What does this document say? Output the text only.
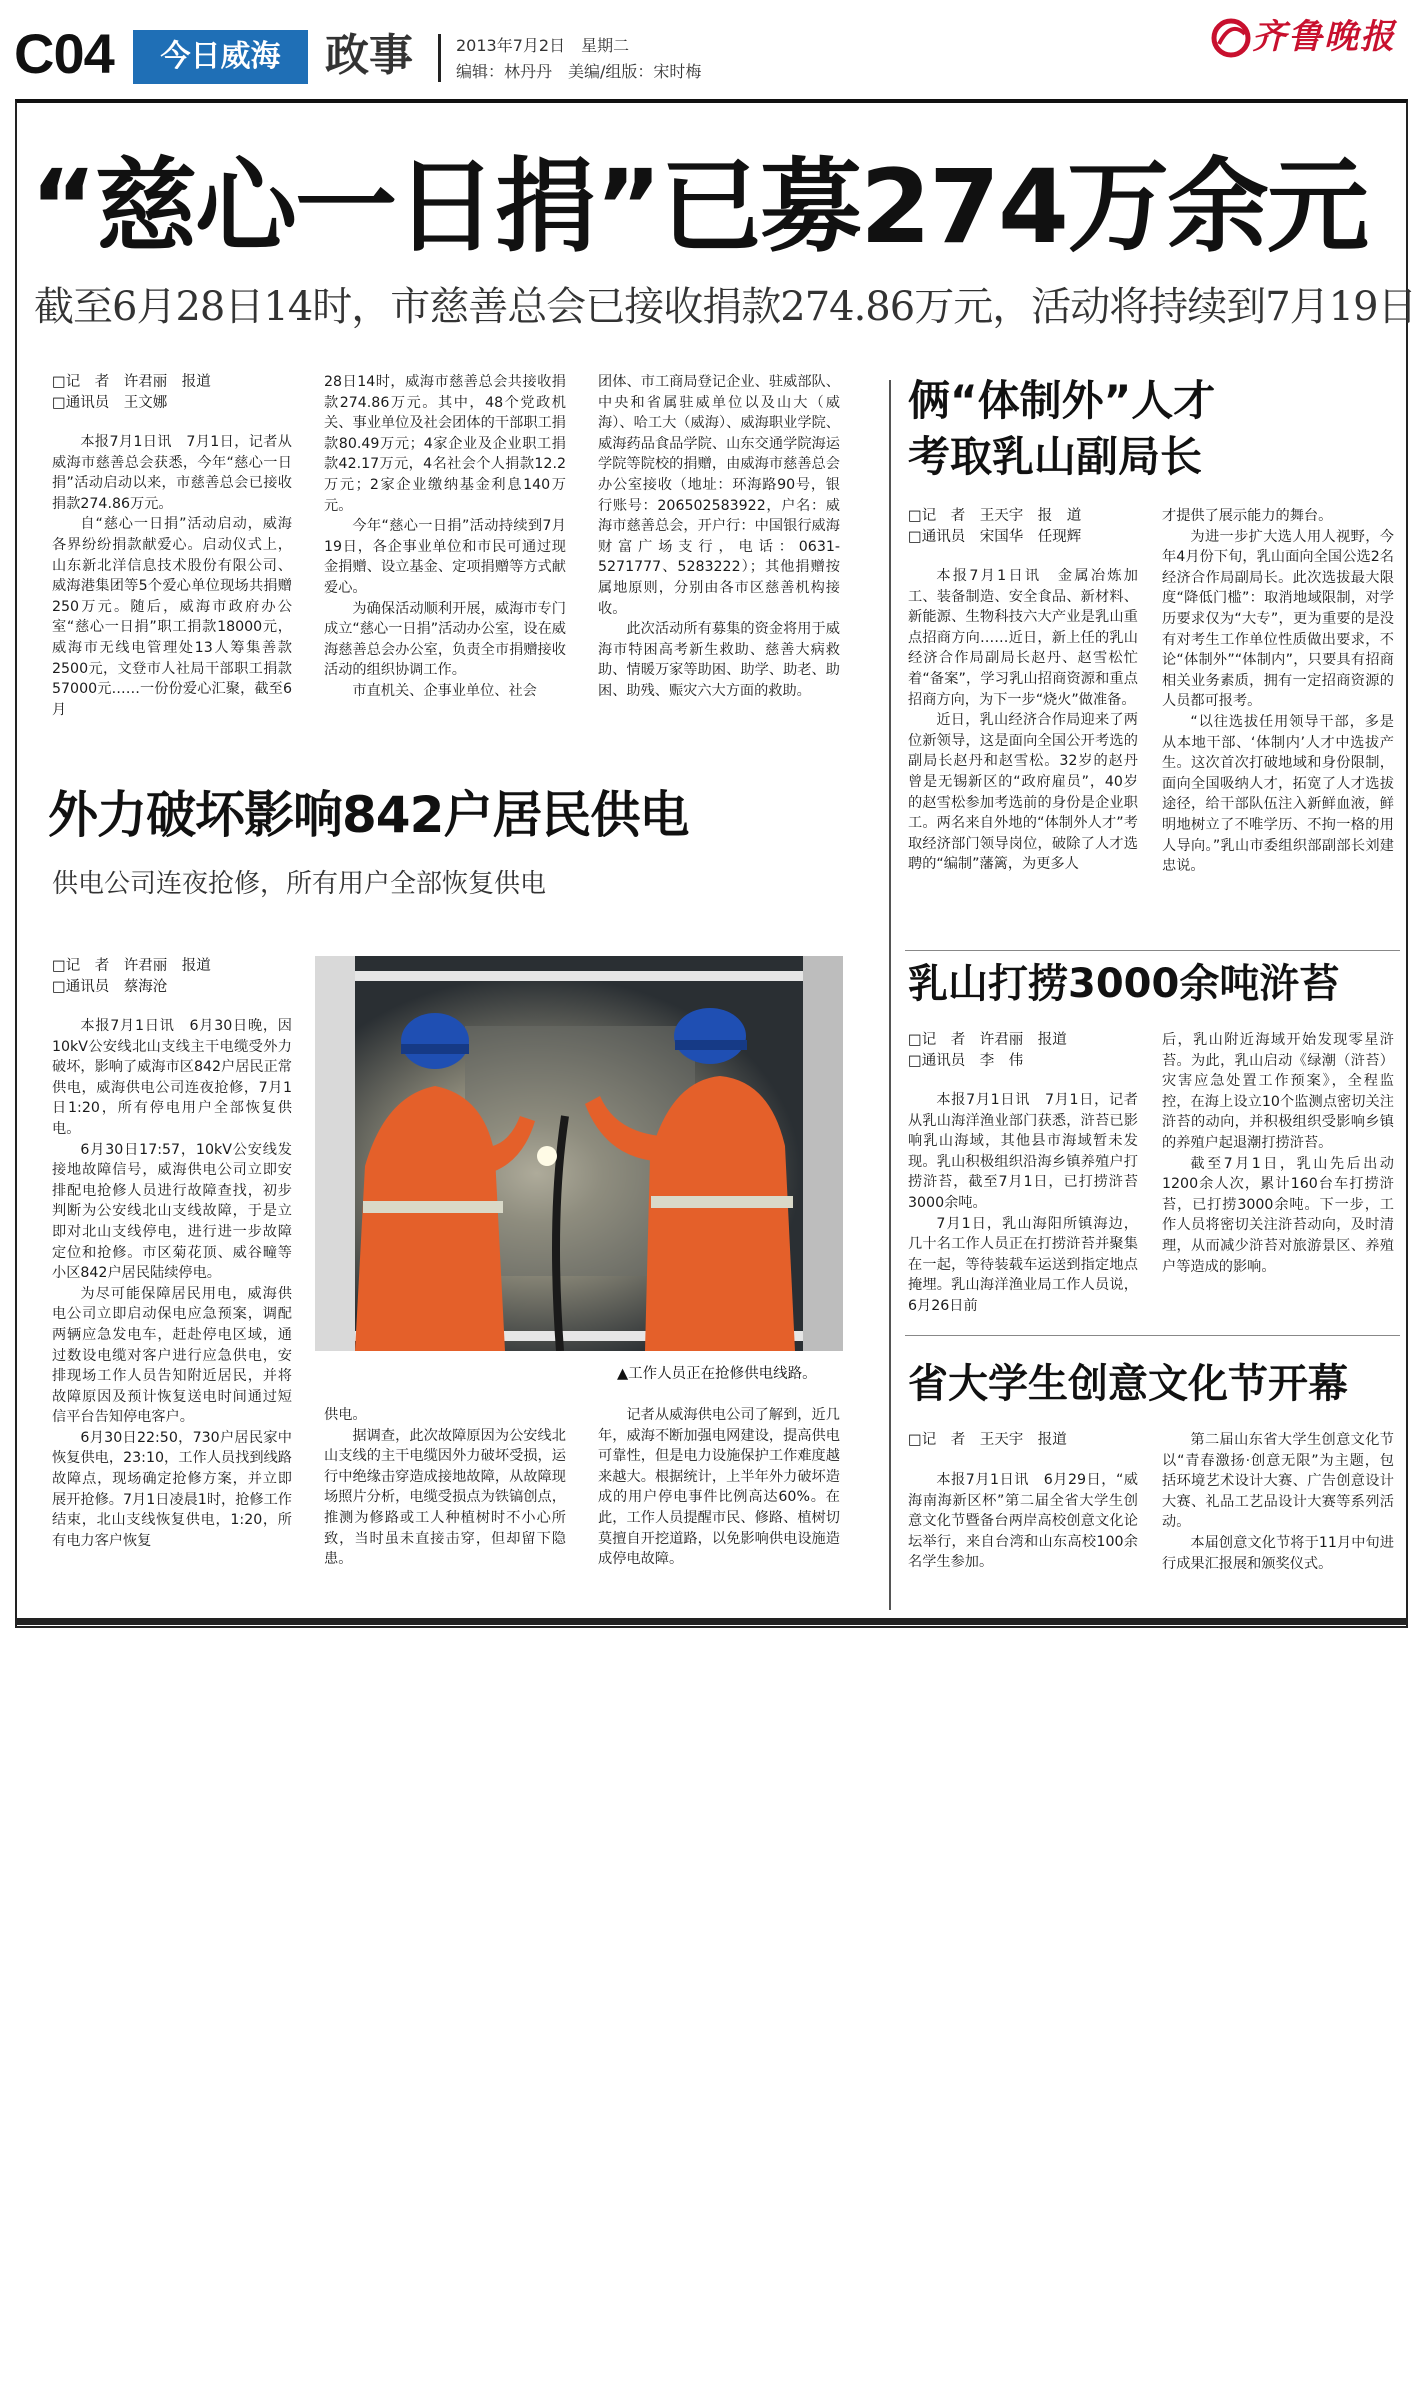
C04	今日威海	政事	2013年7月2日　星期二
编辑：林丹丹　美编/组版：宋时梅
齐鲁晚报
“慈心一日捐”已募274万余元
截至6月28日14时，市慈善总会已接收捐款274.86万元，活动将持续到7月19日
□记　者　许君丽　报道
□通讯员　王文娜

本报7月1日讯　7月1日，记者从威海市慈善总会获悉，今年“慈心一日捐”活动启动以来，市慈善总会已接收捐款274.86万元。

自“慈心一日捐”活动启动，威海各界纷纷捐款献爱心。启动仪式上，山东新北洋信息技术股份有限公司、威海港集团等5个爱心单位现场共捐赠250万元。随后，威海市政府办公室“慈心一日捐”职工捐款18000元，威海市无线电管理处13人筹集善款2500元，文登市人社局干部职工捐款57000元……一份份爱心汇聚，截至6月

28日14时，威海市慈善总会共接收捐款274.86万元。其中，48个党政机关、事业单位及社会团体的干部职工捐款80.49万元；4家企业及企业职工捐款42.17万元，4名社会个人捐款12.2万元；2家企业缴纳基金利息140万元。

今年“慈心一日捐”活动持续到7月19日，各企事业单位和市民可通过现金捐赠、设立基金、定项捐赠等方式献爱心。

为确保活动顺利开展，威海市专门成立“慈心一日捐”活动办公室，设在威海慈善总会办公室，负责全市捐赠接收活动的组织协调工作。

市直机关、企事业单位、社会

团体、市工商局登记企业、驻威部队、中央和省属驻威单位以及山大（威海）、哈工大（威海）、威海职业学院、威海药品食品学院、山东交通学院海运学院等院校的捐赠，由威海市慈善总会办公室接收（地址：环海路90号，银行账号：206502583922，户名：威海市慈善总会，开户行：中国银行威海财富广场支行，电话：0631-5271777、5283222）；其他捐赠按属地原则，分别由各市区慈善机构接收。

此次活动所有募集的资金将用于威海市特困高考新生救助、慈善大病救助、情暖万家等助困、助学、助老、助困、助残、赈灾六大方面的救助。

外力破坏影响842户居民供电
供电公司连夜抢修，所有用户全部恢复供电
□记　者　许君丽　报道
□通讯员　蔡海沧

本报7月1日讯　6月30日晚，因10kV公安线北山支线主干电缆受外力破坏，影响了威海市区842户居民正常供电，威海供电公司连夜抢修，7月1日1:20，所有停电用户全部恢复供电。

6月30日17:57，10kV公安线发接地故障信号，威海供电公司立即安排配电抢修人员进行故障查找，初步判断为公安线北山支线故障，于是立即对北山支线停电，进行进一步故障定位和抢修。市区菊花顶、威谷疃等小区842户居民陆续停电。

为尽可能保障居民用电，威海供电公司立即启动保电应急预案，调配两辆应急发电车，赶赴停电区域，通过数设电缆对客户进行应急供电，安排现场工作人员告知附近居民，并将故障原因及预计恢复送电时间通过短信平台告知停电客户。

6月30日22:50，730户居民家中恢复供电，23:10，工作人员找到线路故障点，现场确定抢修方案，并立即展开抢修。7月1日凌晨1时，抢修工作结束，北山支线恢复供电，1:20，所有电力客户恢复

▲工作人员正在抢修供电线路。

供电。

据调查，此次故障原因为公安线北山支线的主干电缆因外力破坏受损，运行中绝缘击穿造成接地故障，从故障现场照片分析，电缆受损点为铁镐创点，推测为修路或工人种植树时不小心所致，当时虽未直接击穿，但却留下隐患。

记者从威海供电公司了解到，近几年，威海不断加强电网建设，提高供电可靠性，但是电力设施保护工作难度越来越大。根据统计，上半年外力破坏造成的用户停电事件比例高达60%。在此，工作人员提醒市民、修路、植树切莫擅自开挖道路，以免影响供电设施造成停电故障。

俩“体制外”人才
考取乳山副局长
□记　者　王天宇　报　道
□通讯员　宋国华　任现辉

本报7月1日讯　金属冶炼加工、装备制造、安全食品、新材料、新能源、生物科技六大产业是乳山重点招商方向……近日，新上任的乳山经济合作局副局长赵丹、赵雪松忙着“备案”，学习乳山招商资源和重点招商方向，为下一步“烧火”做准备。

近日，乳山经济合作局迎来了两位新领导，这是面向全国公开考选的副局长赵丹和赵雪松。32岁的赵丹曾是无锡新区的“政府雇员”，40岁的赵雪松参加考选前的身份是企业职工。两名来自外地的“体制外人才”考取经济部门领导岗位，破除了人才选聘的“编制”藩篱，为更多人

才提供了展示能力的舞台。

为进一步扩大选人用人视野，今年4月份下旬，乳山面向全国公选2名经济合作局副局长。此次选拔最大限度“降低门槛”：取消地域限制，对学历要求仅为“大专”，更为重要的是没有对考生工作单位性质做出要求，不论“体制外”“体制内”，只要具有招商相关业务素质，拥有一定招商资源的人员都可报考。

“以往选拔任用领导干部，多是从本地干部、‘体制内’人才中选拔产生。这次首次打破地域和身份限制，面向全国吸纳人才，拓宽了人才选拔途径，给干部队伍注入新鲜血液，鲜明地树立了不唯学历、不拘一格的用人导向。”乳山市委组织部副部长刘建忠说。

乳山打捞3000余吨浒苔
□记　者　许君丽　报道
□通讯员　李　伟

本报7月1日讯　7月1日，记者从乳山海洋渔业部门获悉，浒苔已影响乳山海域，其他县市海域暂未发现。乳山积极组织沿海乡镇养殖户打捞浒苔，截至7月1日，已打捞浒苔3000余吨。

7月1日，乳山海阳所镇海边，几十名工作人员正在打捞浒苔并聚集在一起，等待装载车运送到指定地点掩埋。乳山海洋渔业局工作人员说，6月26日前

后，乳山附近海域开始发现零星浒苔。为此，乳山启动《绿潮（浒苔）灾害应急处置工作预案》，全程监控，在海上设立10个监测点密切关注浒苔的动向，并积极组织受影响乡镇的养殖户起退潮打捞浒苔。

截至7月1日，乳山先后出动1200余人次，累计160台车打捞浒苔，已打捞3000余吨。下一步，工作人员将密切关注浒苔动向，及时清理，从而减少浒苔对旅游景区、养殖户等造成的影响。

省大学生创意文化节开幕
□记　者　王天宇　报道

本报7月1日讯　6月29日，“威海南海新区杯”第二届全省大学生创意文化节暨备台两岸高校创意文化论坛举行，来自台湾和山东高校100余名学生参加。

第二届山东省大学生创意文化节以“青春激扬·创意无限”为主题，包括环境艺术设计大赛、广告创意设计大赛、礼品工艺品设计大赛等系列活动。

本届创意文化节将于11月中旬进行成果汇报展和颁奖仪式。
